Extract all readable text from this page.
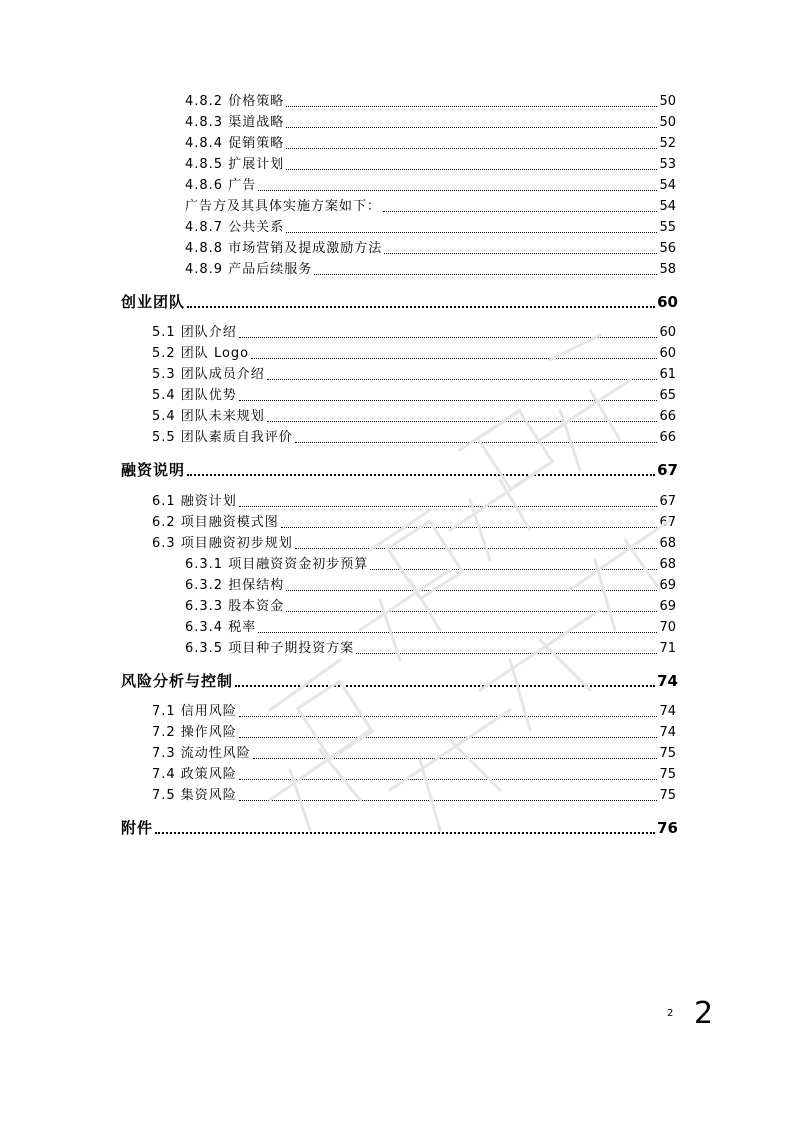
4.8.2 价格策略	50
4.8.3 渠道战略	50
4.8.4 促销策略	52
4.8.5 扩展计划	53
4.8.6 广告	54
广告方及其具体实施方案如下：	54
4.8.7 公共关系	55
4.8.8 市场营销及提成激励方法	56
4.8.9 产品后续服务	58
创业团队	60
5.1 团队介绍	60
5.2 团队 Logo	60
5.3 团队成员介绍	61
5.4 团队优势	65
5.4 团队未来规划	66
5.5 团队素质自我评价	66
融资说明	67
6.1 融资计划	67
6.2 项目融资模式图	67
6.3 项目融资初步规划	68
6.3.1 项目融资资金初步预算	68
6.3.2 担保结构	69
6.3.3 股本资金	69
6.3.4 税率	70
6.3.5 项目种子期投资方案	71
风险分析与控制	74
7.1 信用风险	74
7.2 操作风险	74
7.3 流动性风险	75
7.4 政策风险	75
7.5 集资风险	75
附件	76
2 2
